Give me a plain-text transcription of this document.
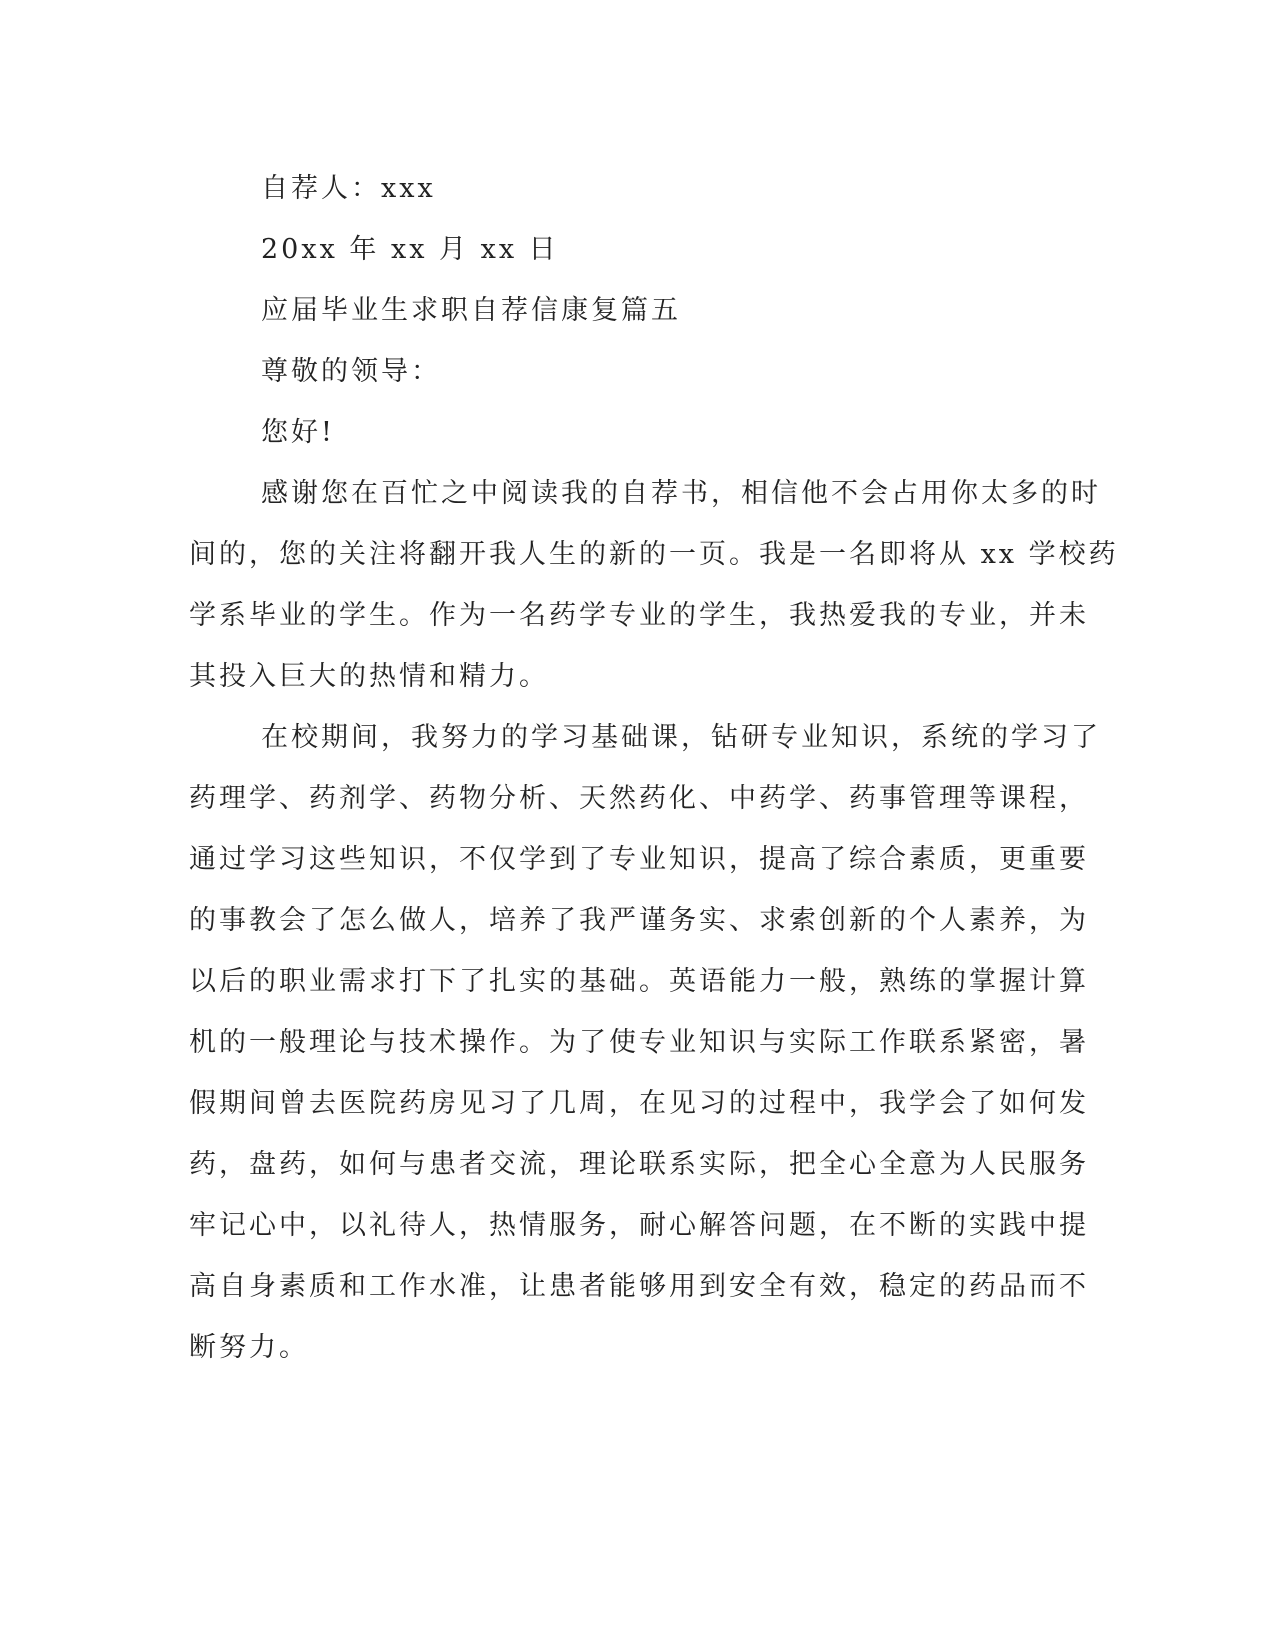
自荐人：xxx
20xx 年 xx 月 xx 日
应届毕业生求职自荐信康复篇五
尊敬的领导：
您好!
感谢您在百忙之中阅读我的自荐书，相信他不会占用你太多的时
间的，您的关注将翻开我人生的新的一页。我是一名即将从 xx 学校药
学系毕业的学生。作为一名药学专业的学生，我热爱我的专业，并未
其投入巨大的热情和精力。
在校期间，我努力的学习基础课，钻研专业知识，系统的学习了
药理学、药剂学、药物分析、天然药化、中药学、药事管理等课程，
通过学习这些知识，不仅学到了专业知识，提高了综合素质，更重要
的事教会了怎么做人，培养了我严谨务实、求索创新的个人素养，为
以后的职业需求打下了扎实的基础。英语能力一般，熟练的掌握计算
机的一般理论与技术操作。为了使专业知识与实际工作联系紧密，暑
假期间曾去医院药房见习了几周，在见习的过程中，我学会了如何发
药，盘药，如何与患者交流，理论联系实际，把全心全意为人民服务
牢记心中，以礼待人，热情服务，耐心解答问题，在不断的实践中提
高自身素质和工作水准，让患者能够用到安全有效，稳定的药品而不
断努力。
